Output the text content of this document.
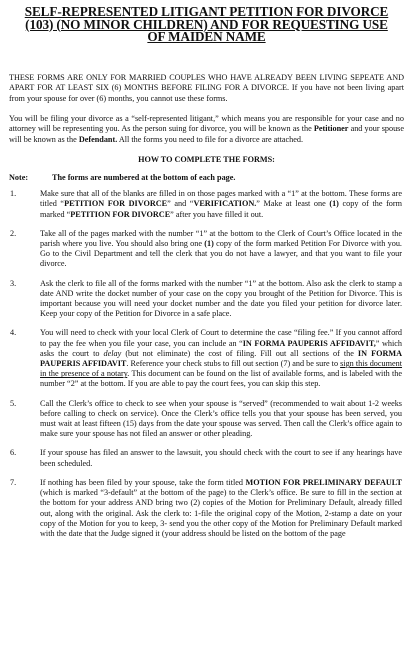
SELF-REPRESENTED LITIGANT PETITION FOR DIVORCE
(103) (NO MINOR CHILDREN) AND FOR REQUESTING USE
OF MAIDEN NAME

THESE FORMS ARE ONLY FOR MARRIED COUPLES WHO HAVE ALREADY BEEN LIVING SEPEATE AND APART FOR AT LEAST SIX (6) MONTHS BEFORE FILING FOR A DIVORCE. If you have not been living apart from your spouse for over (6) months, you cannot use these forms.

You will be filing your divorce as a “self-represented litigant,” which means you are responsible for your case and no attorney will be representing you. As the person suing for divorce, you will be known as the Petitioner and your spouse will be known as the Defendant. All the forms you need to file for a divorce are attached.

HOW TO COMPLETE THE FORMS:
Note:	The forms are numbered at the bottom of each page.
1.	Make sure that all of the blanks are filled in on those pages marked with a “1” at the bottom. These forms are titled “PETITION FOR DIVORCE” and “VERIFICATION.” Make at least one (1) copy of the form marked “PETITION FOR DIVORCE” after you have filled it out.
2.	Take all of the pages marked with the number “1” at the bottom to the Clerk of Court’s Office located in the parish where you live. You should also bring one (1) copy of the form marked Petition For Divorce with you. Go to the Civil Department and tell the clerk that you do not have a lawyer, and that you want to file your divorce.
3.	Ask the clerk to file all of the forms marked with the number “1” at the bottom. Also ask the clerk to stamp a date AND write the docket number of your case on the copy you brought of the Petition for Divorce. This is important because you will need your docket number and the date you filed your petition for divorce later. Keep your copy of the Petition for Divorce in a safe place.
4.	You will need to check with your local Clerk of Court to determine the case “filing fee.” If you cannot afford to pay the fee when you file your case, you can include an “IN FORMA PAUPERIS AFFIDAVIT,” which asks the court to delay (but not eliminate) the cost of filing. Fill out all sections of the IN FORMA PAUPERIS AFFIDAVIT. Reference your check stubs to fill out section (7) and be sure to sign this document in the presence of a notary. This document can be found on the list of available forms, and is labeled with the number “2” at the bottom. If you are able to pay the court fees, you can skip this step.
5.	Call the Clerk’s office to check to see when your spouse is “served” (recommended to wait about 1-2 weeks before calling to check on service). Once the Clerk’s office tells you that your spouse has been served, you must wait at least fifteen (15) days from the date your spouse was served. Then call the Clerk’s office again to make sure your spouse has not filed an answer or other pleading.
6.	If your spouse has filed an answer to the lawsuit, you should check with the court to see if any hearings have been scheduled.
7.	If nothing has been filed by your spouse, take the form titled MOTION FOR PRELIMINARY DEFAULT (which is marked “3-default” at the bottom of the page) to the Clerk’s office. Be sure to fill in the section at the bottom for your address AND bring two (2) copies of the Motion for Preliminary Default, already filled out, along with the original. Ask the clerk to: 1-file the original copy of the Motion, 2-stamp a date on your copy of the Motion for you to keep, 3- send you the other copy of the Motion for Preliminary Default marked with the date that the Judge signed it (your address should be listed on the bottom of the page
